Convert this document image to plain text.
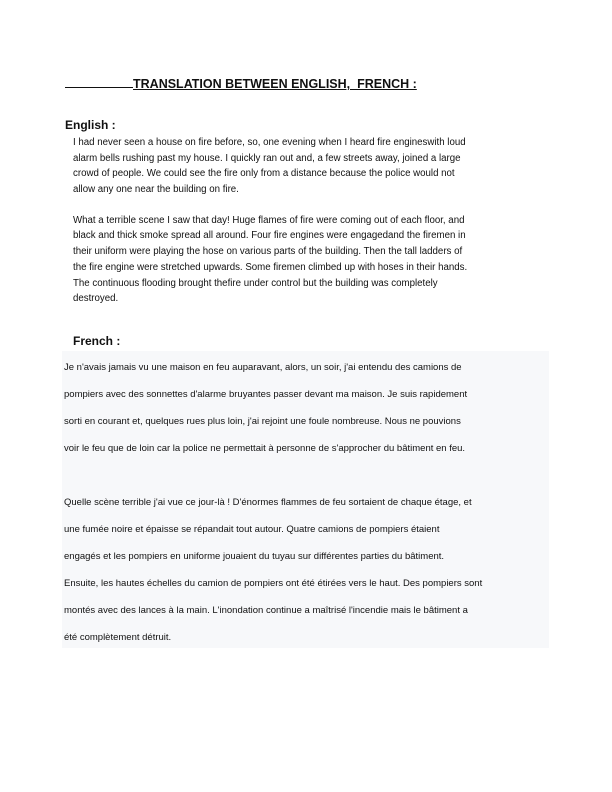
TRANSLATION BETWEEN ENGLISH,  FRENCH :
English :
I had never seen a house on fire before, so, one evening when I heard fire engineswith loud
alarm bells rushing past my house. I quickly ran out and, a few streets away, joined a large
crowd of people. We could see the fire only from a distance because the police would not
allow any one near the building on fire.
What a terrible scene I saw that day! Huge flames of fire were coming out of each floor, and
black and thick smoke spread all around. Four fire engines were engagedand the firemen in
their uniform were playing the hose on various parts of the building. Then the tall ladders of
the fire engine were stretched upwards. Some firemen climbed up with hoses in their hands.
The continuous flooding brought thefire under control but the building was completely
destroyed.
French :
Je n'avais jamais vu une maison en feu auparavant, alors, un soir, j'ai entendu des camions de
pompiers avec des sonnettes d'alarme bruyantes passer devant ma maison. Je suis rapidement
sorti en courant et, quelques rues plus loin, j'ai rejoint une foule nombreuse. Nous ne pouvions
voir le feu que de loin car la police ne permettait à personne de s'approcher du bâtiment en feu.
Quelle scène terrible j'ai vue ce jour-là ! D'énormes flammes de feu sortaient de chaque étage, et
une fumée noire et épaisse se répandait tout autour. Quatre camions de pompiers étaient
engagés et les pompiers en uniforme jouaient du tuyau sur différentes parties du bâtiment.
Ensuite, les hautes échelles du camion de pompiers ont été étirées vers le haut. Des pompiers sont
montés avec des lances à la main. L'inondation continue a maîtrisé l'incendie mais le bâtiment a
été complètement détruit.
